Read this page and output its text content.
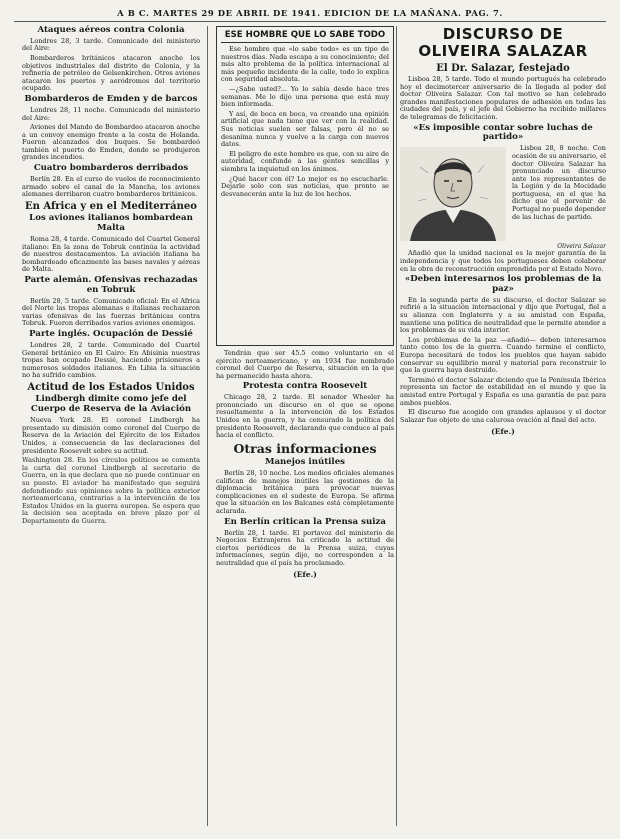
A B C. MARTES 29 DE ABRIL DE 1941. EDICION DE LA MAÑANA. PAG. 7.
Ataques aéreos contra Colonia

Londres 28, 3 tarde. Comunicado del ministerio del Aire:

Bombarderos británicos atacaron anoche los objetivos industriales del distrito de Colonia, y la refinería de petróleo de Gelsenkirchen. Otros aviones atacaron los puertos y aeródromos del territorio ocupado.

Bombarderos de Emden y de barcos

Londres 28, 11 noche. Comunicado del ministerio del Aire:

Aviones del Mando de Bombardeo atacaron anoche a un convoy enemigo frente a la costa de Holanda. Fueron alcanzados dos buques. Se bombardeó también el puerto de Emden, donde se produjeron grandes incendios.

Cuatro bombarderos derribados

Berlín 28. En el curso de vuelos de reconocimiento armado sobre el canal de la Mancha, los aviones alemanes derribaron cuatro bombarderos británicos.

En Africa y en el Mediterráneo
Los aviones italianos bombardean Malta

Roma 28, 4 tarde. Comunicado del Cuartel General italiano: En la zona de Tobruk continúa la actividad de nuestros destacamentos. La aviación italiana ha bombardeado eficazmente las bases navales y aéreas de Malta.

Parte alemán. Ofensivas rechazadas en Tobruk

Berlín 28, 5 tarde. Comunicado oficial: En el Africa del Norte las tropas alemanas e italianas rechazaron varias ofensivas de las fuerzas británicas contra Tobruk. Fueron derribados varios aviones enemigos.

Parte inglés. Ocupación de Dessié

Londres 28, 2 tarde. Comunicado del Cuartel General británico en El Cairo: En Abisinia nuestras tropas han ocupado Dessié, haciendo prisioneros a numerosos soldados italianos. En Libia la situación no ha sufrido cambios.

Actitud de los Estados Unidos
Lindbergh dimite como jefe del Cuerpo de Reserva de la Aviación

Nueva York 28. El coronel Lindbergh ha presentado su dimisión como coronel del Cuerpo de Reserva de la Aviación del Ejército de los Estados Unidos, a consecuencia de las declaraciones del presidente Roosevelt sobre su actitud.

Washington 28. En los círculos políticos se comenta la carta del coronel Lindbergh al secretario de Guerra, en la que declara que no puede continuar en su puesto. El aviador ha manifestado que seguirá defendiendo sus opiniones sobre la política exterior norteamericana, contrarias a la intervención de los Estados Unidos en la guerra europea. Se espera que la decisión sea aceptada en breve plazo por el Departamento de Guerra.
ESE HOMBRE QUE LO SABE TODO

Ese hombre que «lo sabe todo» es un tipo de nuestros días. Nada escapa a su conocimiento; del más alto problema de la política internacional al más pequeño incidente de la calle, todo lo explica con seguridad absoluta.

—¿Sabe usted?... Yo lo sabía desde hace tres semanas. Me lo dijo una persona que está muy bien informada.

Y así, de boca en boca, va creando una opinión artificial que nada tiene que ver con la realidad. Sus noticias suelen ser falsas, pero él no se desanima nunca y vuelve a la carga con nuevos datos.

El peligro de este hombre es que, con su aire de autoridad, confunde a las gentes sencillas y siembra la inquietud en los ánimos.

¿Qué hacer con él? Lo mejor es no escucharle. Dejarle solo con sus noticias, que pronto se desvanecerán ante la luz de los hechos.

Tendrán que ser 45.5 como voluntario en el ejército norteamericano, y en 1934 fue nombrado coronel del Cuerpo de Reserva, situación en la que ha permanecido hasta ahora.

Protesta contra Roosevelt

Chicago 28, 2 tarde. El senador Wheeler ha pronunciado un discurso en el que se opone resueltamente a la intervención de los Estados Unidos en la guerra, y ha censurado la política del presidente Roosevelt, declarando que conduce al país hacia el conflicto.

Otras informaciones
Manejos inútiles

Berlín 28, 10 noche. Los medios oficiales alemanes califican de manejos inútiles las gestiones de la diplomacia británica para provocar nuevas complicaciones en el sudeste de Europa. Se afirma que la situación en los Balcanes está completamente aclarada.

En Berlín critican la Prensa suiza

Berlín 28, 1 tarde. El portavoz del ministerio de Negocios Extranjeros ha criticado la actitud de ciertos periódicos de la Prensa suiza, cuyas informaciones, según dijo, no corresponden a la neutralidad que el país ha proclamado.

(Efe.)
DISCURSO DE OLIVEIRA SALAZAR
El Dr. Salazar, festejado

Lisboa 28, 5 tarde. Todo el mundo portugués ha celebrado hoy el decimotercer aniversario de la llegada al poder del doctor Oliveira Salazar. Con tal motivo se han celebrado grandes manifestaciones populares de adhesión en todas las ciudades del país, y el jefe del Gobierno ha recibido millares de telegramas de felicitación.

«Es imposible contar sobre luchas de partido»

Lisboa 28, 8 noche. Con ocasión de su aniversario, el doctor Oliveira Salazar ha pronunciado un discurso ante los representantes de la Legión y de la Mocidade portuguesa, en el que ha dicho que el porvenir de Portugal no puede depender de las luchas de partido.

Oliveira Salazar

Añadió que la unidad nacional es la mejor garantía de la independencia y que todos los portugueses deben colaborar en la obra de reconstrucción emprendida por el Estado Novo.

«Deben interesarnos los problemas de la paz»

En la segunda parte de su discurso, el doctor Salazar se refirió a la situación internacional y dijo que Portugal, fiel a su alianza con Inglaterra y a su amistad con España, mantiene una política de neutralidad que le permite atender a los problemas de su vida interior.

Los problemas de la paz —añadió— deben interesarnos tanto como los de la guerra. Cuando termine el conflicto, Europa necesitará de todos los pueblos que hayan sabido conservar su equilibrio moral y material para reconstruir lo que la guerra haya destruido.

Terminó el doctor Salazar diciendo que la Península Ibérica representa un factor de estabilidad en el mundo y que la amistad entre Portugal y España es una garantía de paz para ambos pueblos.

El discurso fue acogido con grandes aplausos y el doctor Salazar fue objeto de una calurosa ovación al final del acto.

(Efe.)
